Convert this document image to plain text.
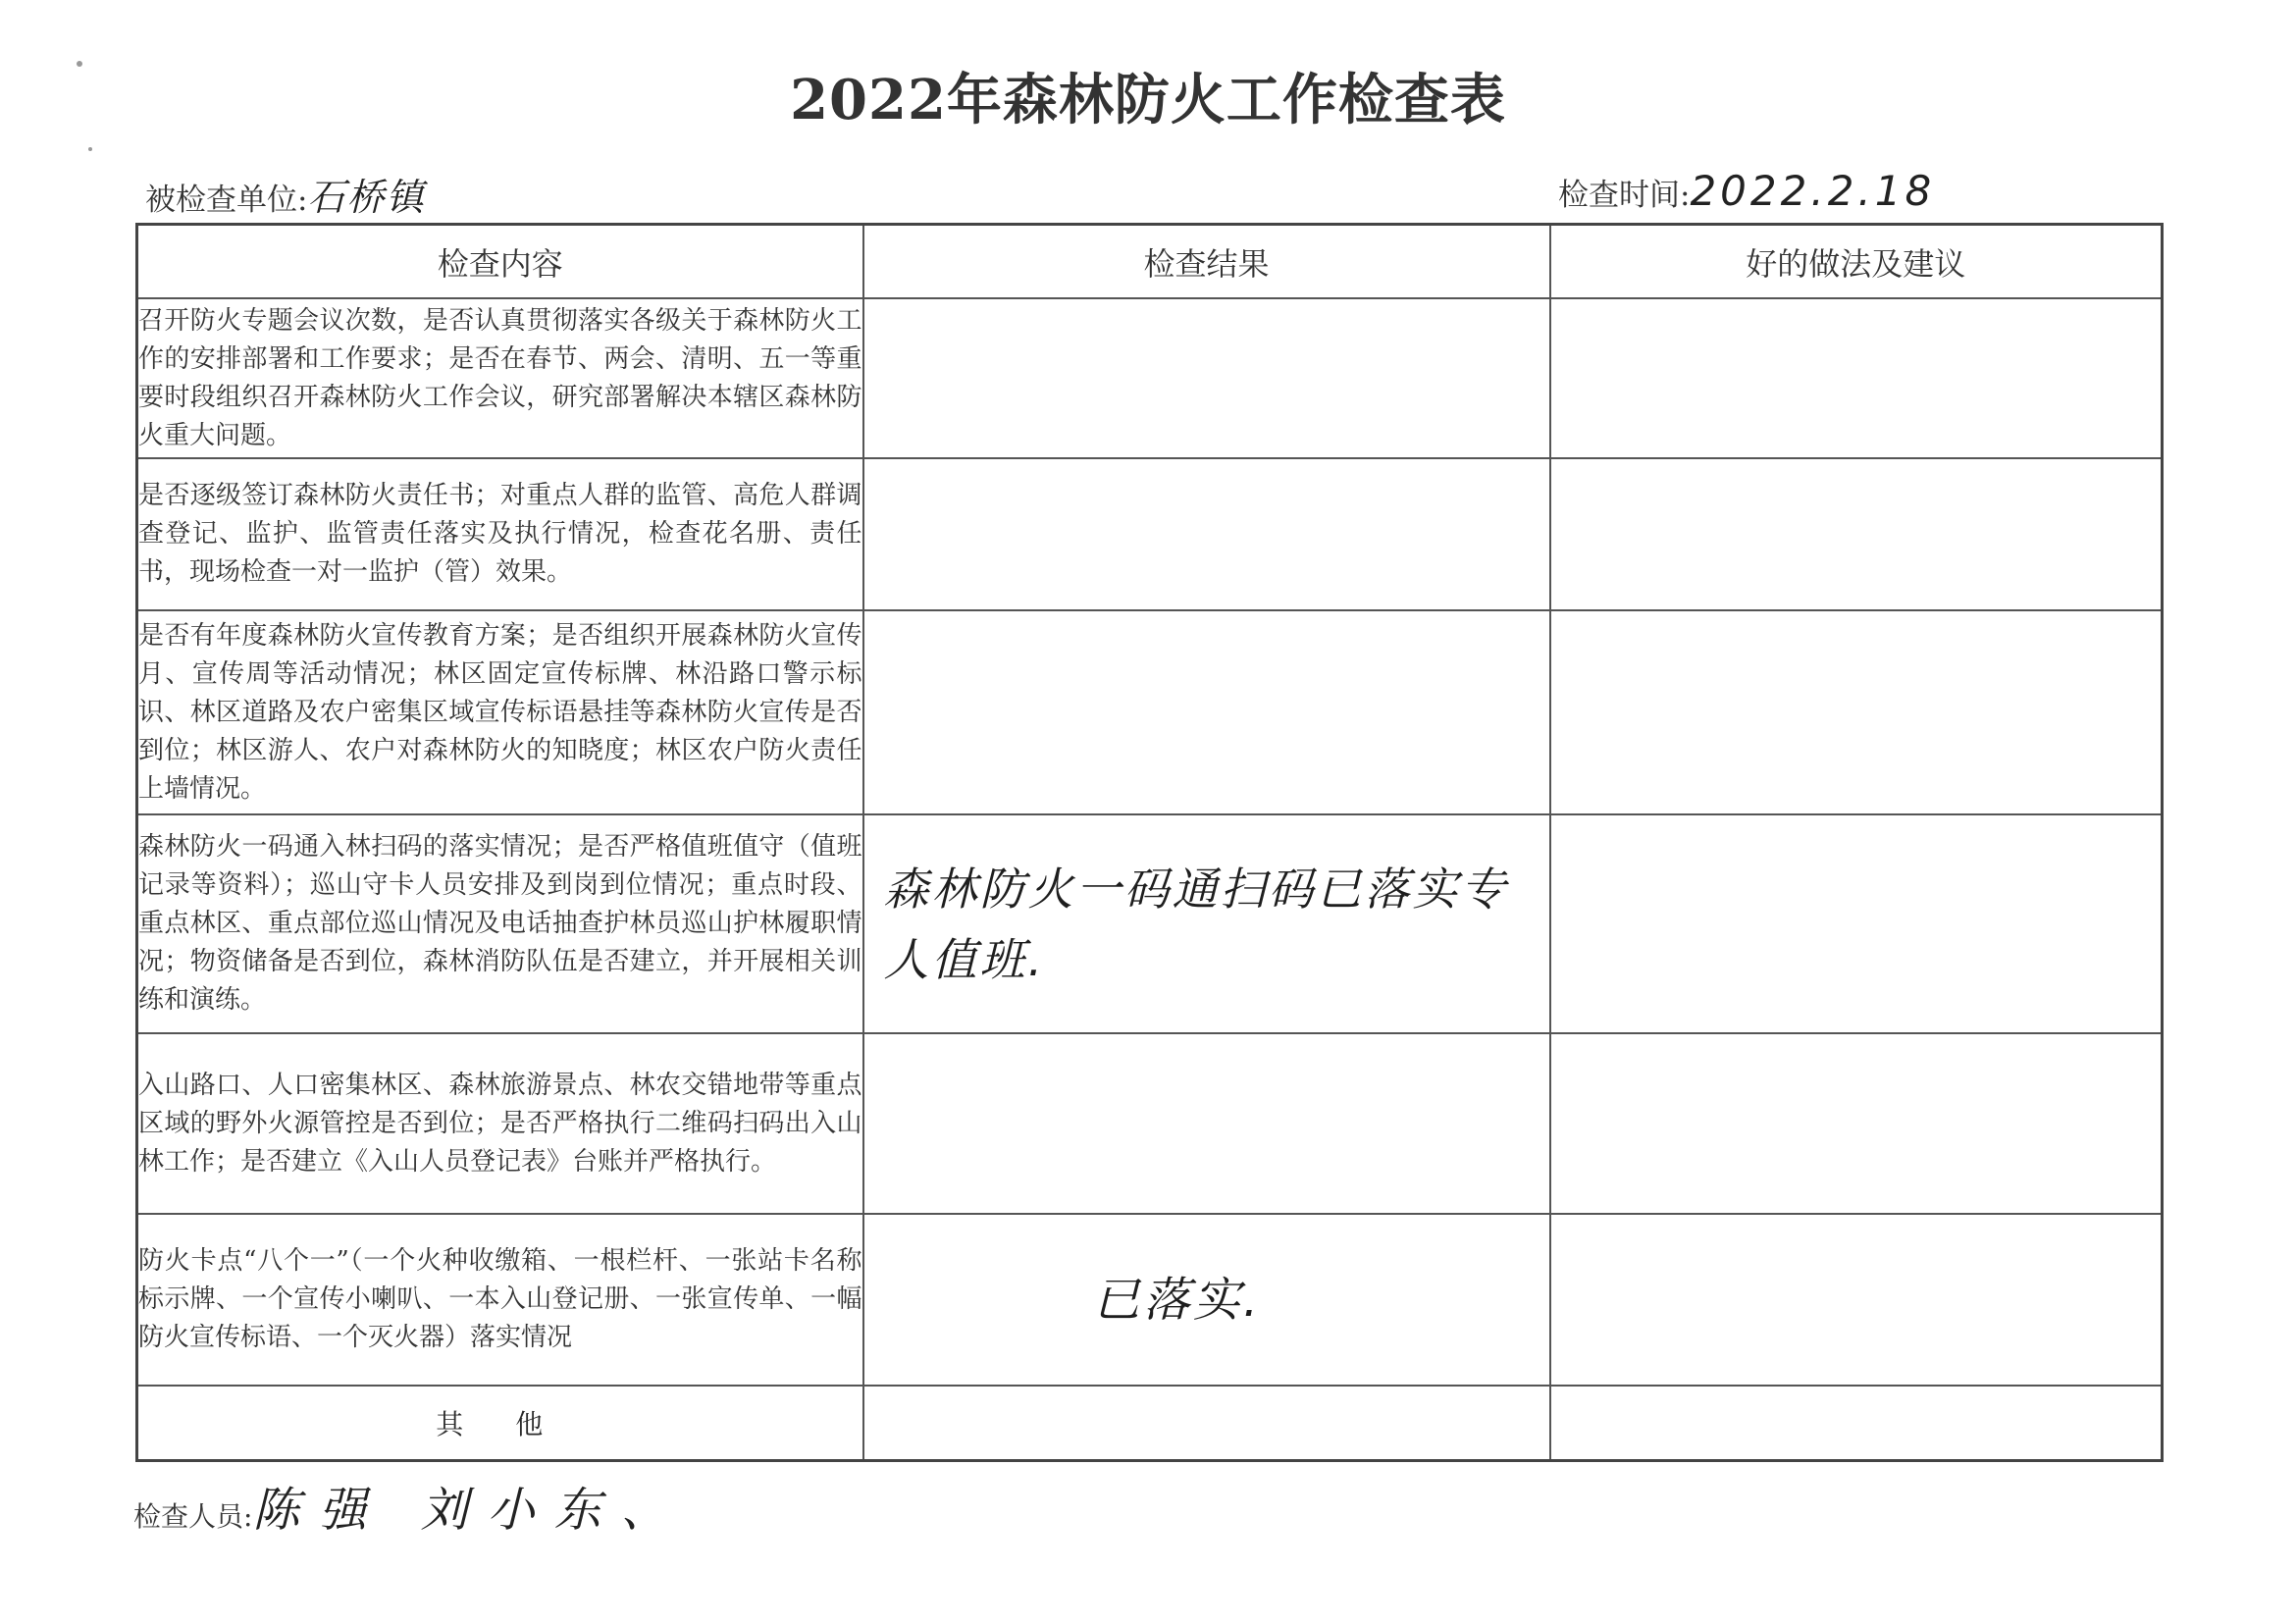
2022年森林防火工作检查表
被检查单位:石桥镇	检查时间:2022.2.18
检查内容	检查结果	好的做法及建议
召开防火专题会议次数，是否认真贯彻落实各级关于森林防火工作的安排部署和工作要求；是否在春节、两会、清明、五一等重要时段组织召开森林防火工作会议，研究部署解决本辖区森林防火重大问题。		
是否逐级签订森林防火责任书；对重点人群的监管、高危人群调查登记、监护、监管责任落实及执行情况，检查花名册、责任书，现场检查一对一监护（管）效果。		
是否有年度森林防火宣传教育方案；是否组织开展森林防火宣传月、宣传周等活动情况；林区固定宣传标牌、林沿路口警示标识、林区道路及农户密集区域宣传标语悬挂等森林防火宣传是否到位；林区游人、农户对森林防火的知晓度；林区农户防火责任上墙情况。		
森林防火一码通入林扫码的落实情况；是否严格值班值守（值班记录等资料）；巡山守卡人员安排及到岗到位情况；重点时段、重点林区、重点部位巡山情况及电话抽查护林员巡山护林履职情况；物资储备是否到位，森林消防队伍是否建立，并开展相关训练和演练。	森林防火一码通扫码已落实专人值班.	

入山路口、人口密集林区、森林旅游景点、林农交错地带等重点区域的野外火源管控是否到位；是否严格执行二维码扫码出入山林工作；是否建立《入山人员登记表》台账并严格执行。		
防火卡点“八个一”（一个火种收缴箱、一根栏杆、一张站卡名称标示牌、一个宣传小喇叭、一本入山登记册、一张宣传单、一幅防火宣传标语、一个灭火器）落实情况	已落实.	

其 他		
检查人员:陈强 刘小东、
